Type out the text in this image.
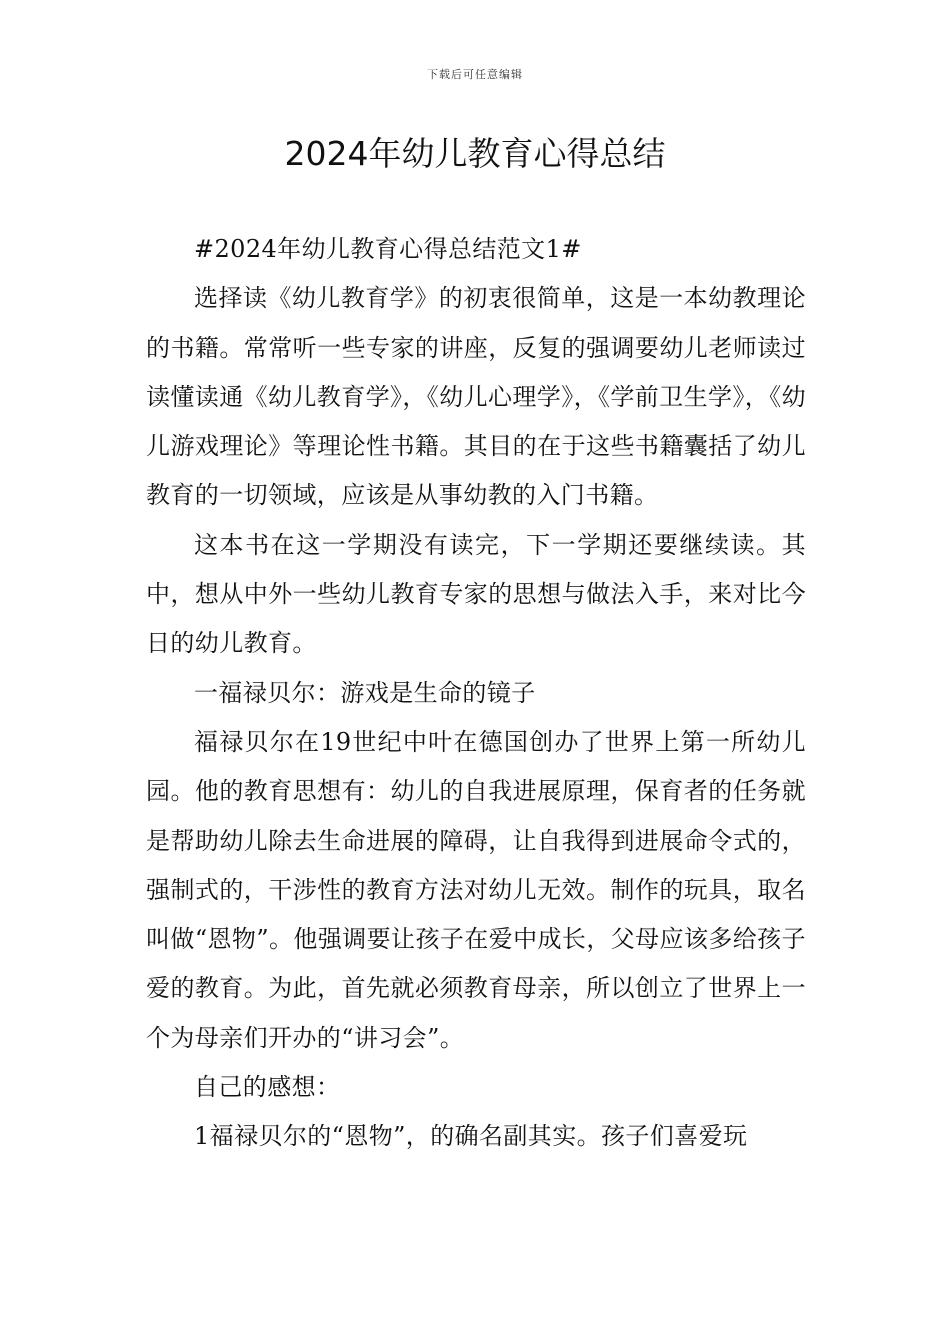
下载后可任意编辑
2024年幼儿教育心得总结

#2024年幼儿教育心得总结范文1#

选择读《幼儿教育学》的初衷很简单，这是一本幼教理论的书籍。常常听一些专家的讲座，反复的强调要幼儿老师读过读懂读通《幼儿教育学》，《幼儿心理学》，《学前卫生学》，《幼儿游戏理论》等理论性书籍。其目的在于这些书籍囊括了幼儿教育的一切领域，应该是从事幼教的入门书籍。

这本书在这一学期没有读完，下一学期还要继续读。其中，想从中外一些幼儿教育专家的思想与做法入手，来对比今日的幼儿教育。

一福禄贝尔：游戏是生命的镜子

福禄贝尔在19世纪中叶在德国创办了世界上第一所幼儿园。他的教育思想有：幼儿的自我进展原理，保育者的任务就是帮助幼儿除去生命进展的障碍，让自我得到进展命令式的，强制式的，干涉性的教育方法对幼儿无效。制作的玩具，取名叫做“恩物”。他强调要让孩子在爱中成长，父母应该多给孩子爱的教育。为此，首先就必须教育母亲，所以创立了世界上一个为母亲们开办的“讲习会”。

自己的感想：

1福禄贝尔的“恩物”，的确名副其实。孩子们喜爱玩
